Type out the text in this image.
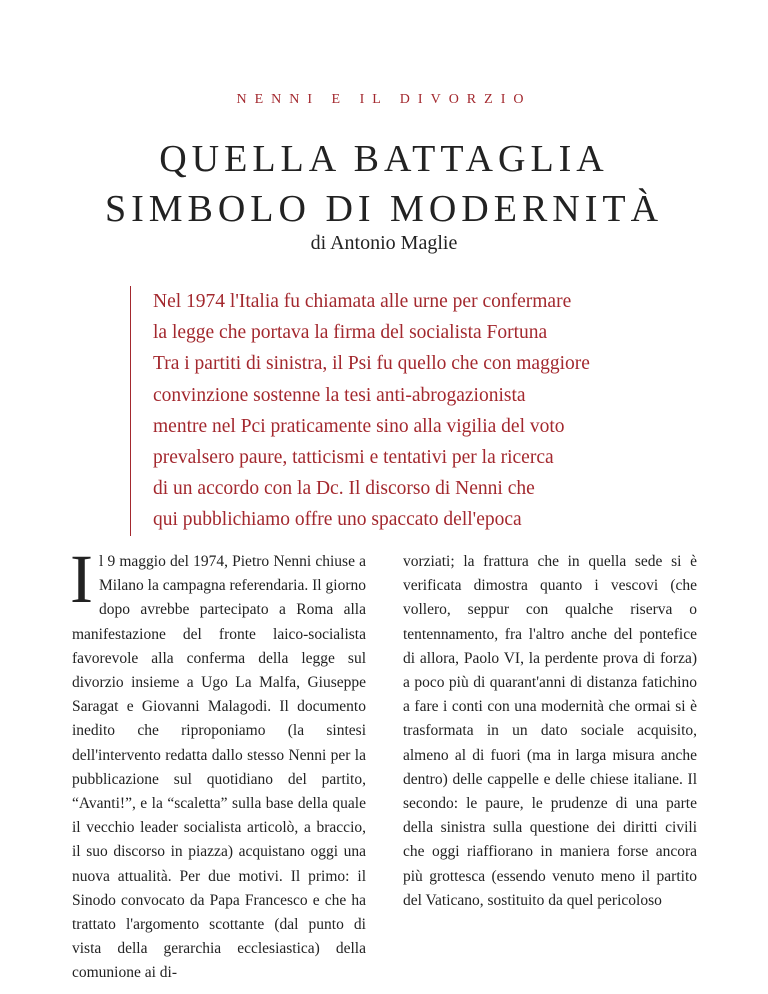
NENNI E IL DIVORZIO
QUELLA BATTAGLIA
SIMBOLO DI MODERNITÀ
di Antonio Maglie

Nel 1974 l'Italia fu chiamata alle urne per confermare

la legge che portava la firma del socialista Fortuna

Tra i partiti di sinistra, il Psi fu quello che con maggiore

convinzione sostenne la tesi anti-abrogazionista

mentre nel Pci praticamente sino alla vigilia del voto

prevalsero paure, tatticismi e tentativi per la ricerca

di un accordo con la Dc. Il discorso di Nenni che

qui pubblichiamo offre uno spaccato dell'epoca

Il 9 maggio del 1974, Pietro Nenni chiuse a Milano la campagna referendaria. Il giorno dopo avrebbe partecipato a Roma alla manifestazione del fronte laico-socialista favorevole alla conferma della legge sul divorzio insieme a Ugo La Malfa, Giuseppe Saragat e Giovanni Malagodi. Il documento inedito che riproponiamo (la sintesi dell'intervento redatta dallo stesso Nenni per la pubblicazione sul quotidiano del partito, “Avanti!”, e la “scaletta” sulla base della quale il vecchio leader socialista articolò, a braccio, il suo discorso in piazza) acquistano oggi una nuova attualità. Per due motivi. Il primo: il Sinodo convocato da Papa Francesco e che ha trattato l'argomento scottante (dal punto di vista della gerarchia ecclesiastica) della comunione ai di-

vorziati; la frattura che in quella sede si è verificata dimostra quanto i vescovi (che vollero, seppur con qualche riserva o tentennamento, fra l'altro anche del pontefice di allora, Paolo VI, la perdente prova di forza) a poco più di quarant'anni di distanza fatichino a fare i conti con una modernità che ormai si è trasformata in un dato sociale acquisito, almeno al di fuori (ma in larga misura anche dentro) delle cappelle e delle chiese italiane. Il secondo: le paure, le prudenze di una parte della sinistra sulla questione dei diritti civili che oggi riaffiorano in maniera forse ancora più grottesca (essendo venuto meno il partito del Vaticano, sostituito da quel pericoloso
